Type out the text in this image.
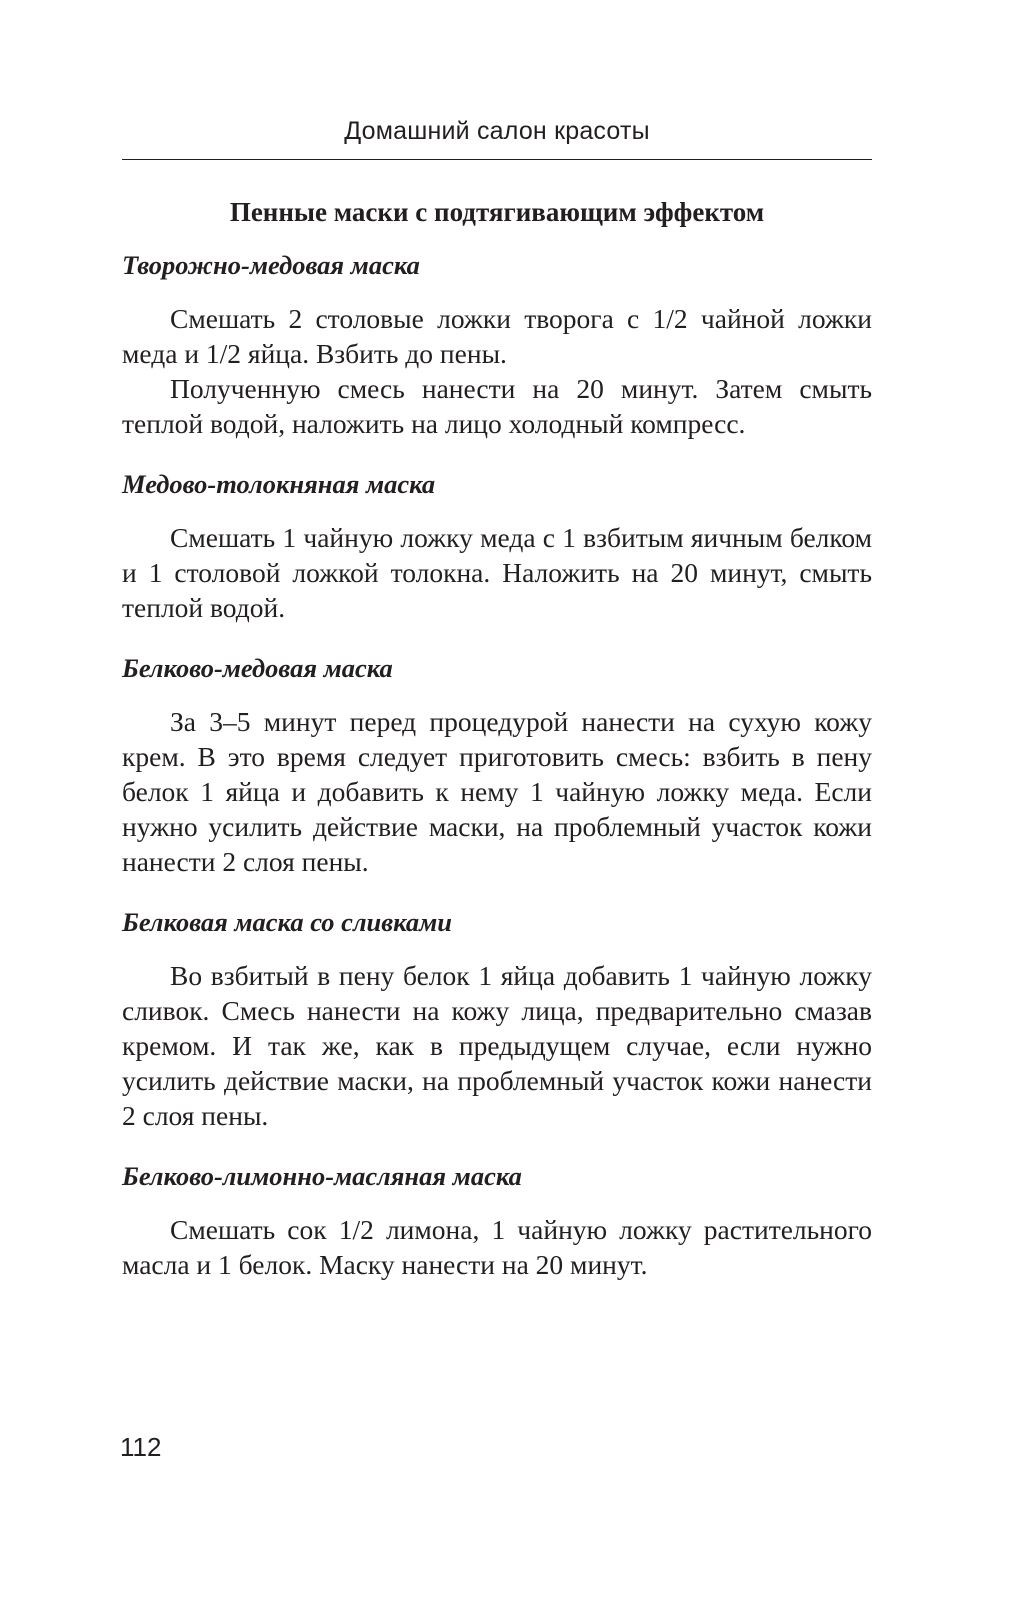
Домашний салон красоты
Пенные маски с подтягивающим эффектом
Творожно-медовая маска

Смешать 2 столовые ложки творога с 1/2 чайной ложки меда и 1/2 яйца. Взбить до пены.

Полученную смесь нанести на 20 минут. Затем смыть теплой водой, наложить на лицо холодный компресс.

Медово-толокняная маска

Смешать 1 чайную ложку меда с 1 взбитым яичным белком и 1 столовой ложкой толокна. Наложить на 20 минут, смыть теплой водой.

Белково-медовая маска

За 3–5 минут перед процедурой нанести на сухую кожу крем. В это время следует приготовить смесь: взбить в пену белок 1 яйца и добавить к нему 1 чайную ложку меда. Если нужно усилить действие маски, на проблемный участок кожи нанести 2 слоя пены.

Белковая маска со сливками

Во взбитый в пену белок 1 яйца добавить 1 чайную ложку сливок. Смесь нанести на кожу лица, предварительно смазав кремом. И так же, как в предыдущем случае, если нужно усилить действие маски, на проблемный участок кожи нанести 2 слоя пены.

Белково-лимонно-масляная маска

Смешать сок 1/2 лимона, 1 чайную ложку растительного масла и 1 белок. Маску нанести на 20 минут.

112
